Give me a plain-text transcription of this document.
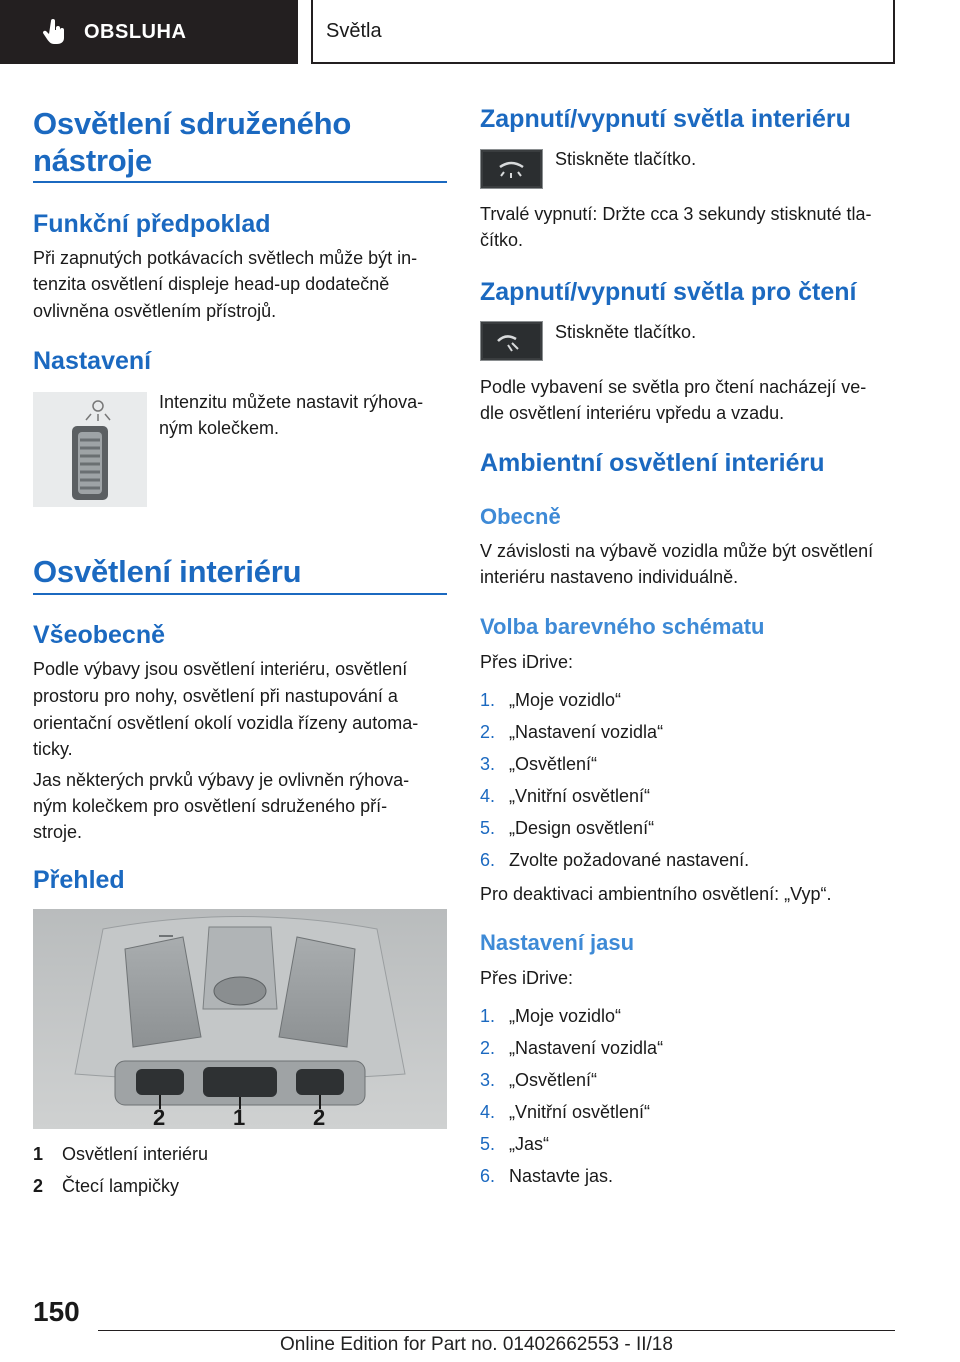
OBSLUHA	Světla
Osvětlení sdruženého
nástroje
Funkční předpoklad
Při zapnutých potkávacích světlech může být in‐
tenzita osvětlení displeje head-up dodatečně
ovlivněna osvětlením přístrojů.
Nastavení
Intenzitu můžete nastavit rýhova‐
ným kolečkem.
Osvětlení interiéru
Všeobecně
Podle výbavy jsou osvětlení interiéru, osvětlení
prostoru pro nohy, osvětlení při nastupování a
orientační osvětlení okolí vozidla řízeny automa‐
ticky.
Jas některých prvků výbavy je ovlivněn rýhova‐
ným kolečkem pro osvětlení sdruženého pří‐
stroje.
Přehled
2	1	2
1	Osvětlení interiéru
2	Čtecí lampičky
Zapnutí/vypnutí světla interiéru
Stiskněte tlačítko.
Trvalé vypnutí: Držte cca 3 sekundy stisknuté tla‐
čítko.
Zapnutí/vypnutí světla pro čtení
Stiskněte tlačítko.
Podle vybavení se světla pro čtení nacházejí ve‐
dle osvětlení interiéru vpředu a vzadu.
Ambientní osvětlení interiéru
Obecně
V závislosti na výbavě vozidla může být osvětlení
interiéru nastaveno individuálně.
Volba barevného schématu
Přes iDrive:
1. „Moje vozidlo“
2. „Nastavení vozidla“
3. „Osvětlení“
4. „Vnitřní osvětlení“
5. „Design osvětlení“
6. Zvolte požadované nastavení.
Pro deaktivaci ambientního osvětlení: „Vyp“.
Nastavení jasu
Přes iDrive:
1. „Moje vozidlo“
2. „Nastavení vozidla“
3. „Osvětlení“
4. „Vnitřní osvětlení“
5. „Jas“
6. Nastavte jas.
150
Online Edition for Part no. 01402662553 - II/18
